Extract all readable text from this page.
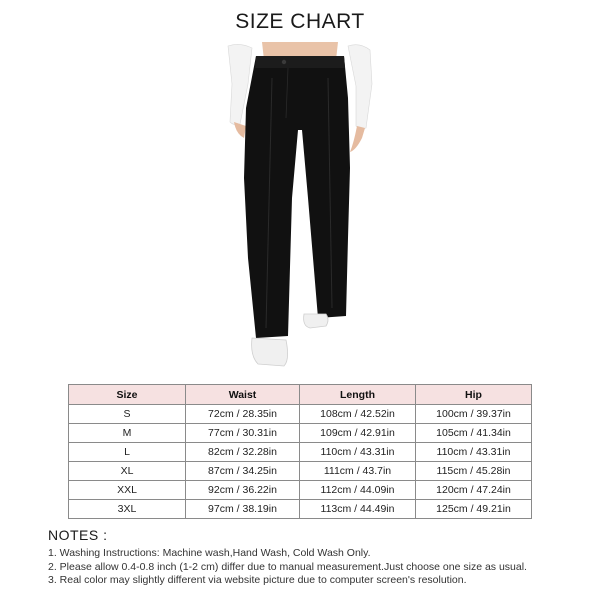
SIZE CHART
Size	Waist	Length	Hip
S	72cm / 28.35in	108cm / 42.52in	100cm / 39.37in
M	77cm / 30.31in	109cm / 42.91in	105cm / 41.34in
L	82cm / 32.28in	110cm / 43.31in	110cm / 43.31in
XL	87cm / 34.25in	111cm / 43.7in	115cm / 45.28in
XXL	92cm / 36.22in	112cm / 44.09in	120cm / 47.24in
3XL	97cm / 38.19in	113cm / 44.49in	125cm / 49.21in
NOTES :
1. Washing Instructions: Machine wash,Hand Wash, Cold Wash Only.
2. Please allow 0.4-0.8 inch (1-2 cm) differ due to manual measurement.Just choose one size as usual.
3. Real color may slightly different via website picture due to computer screen's resolution.
